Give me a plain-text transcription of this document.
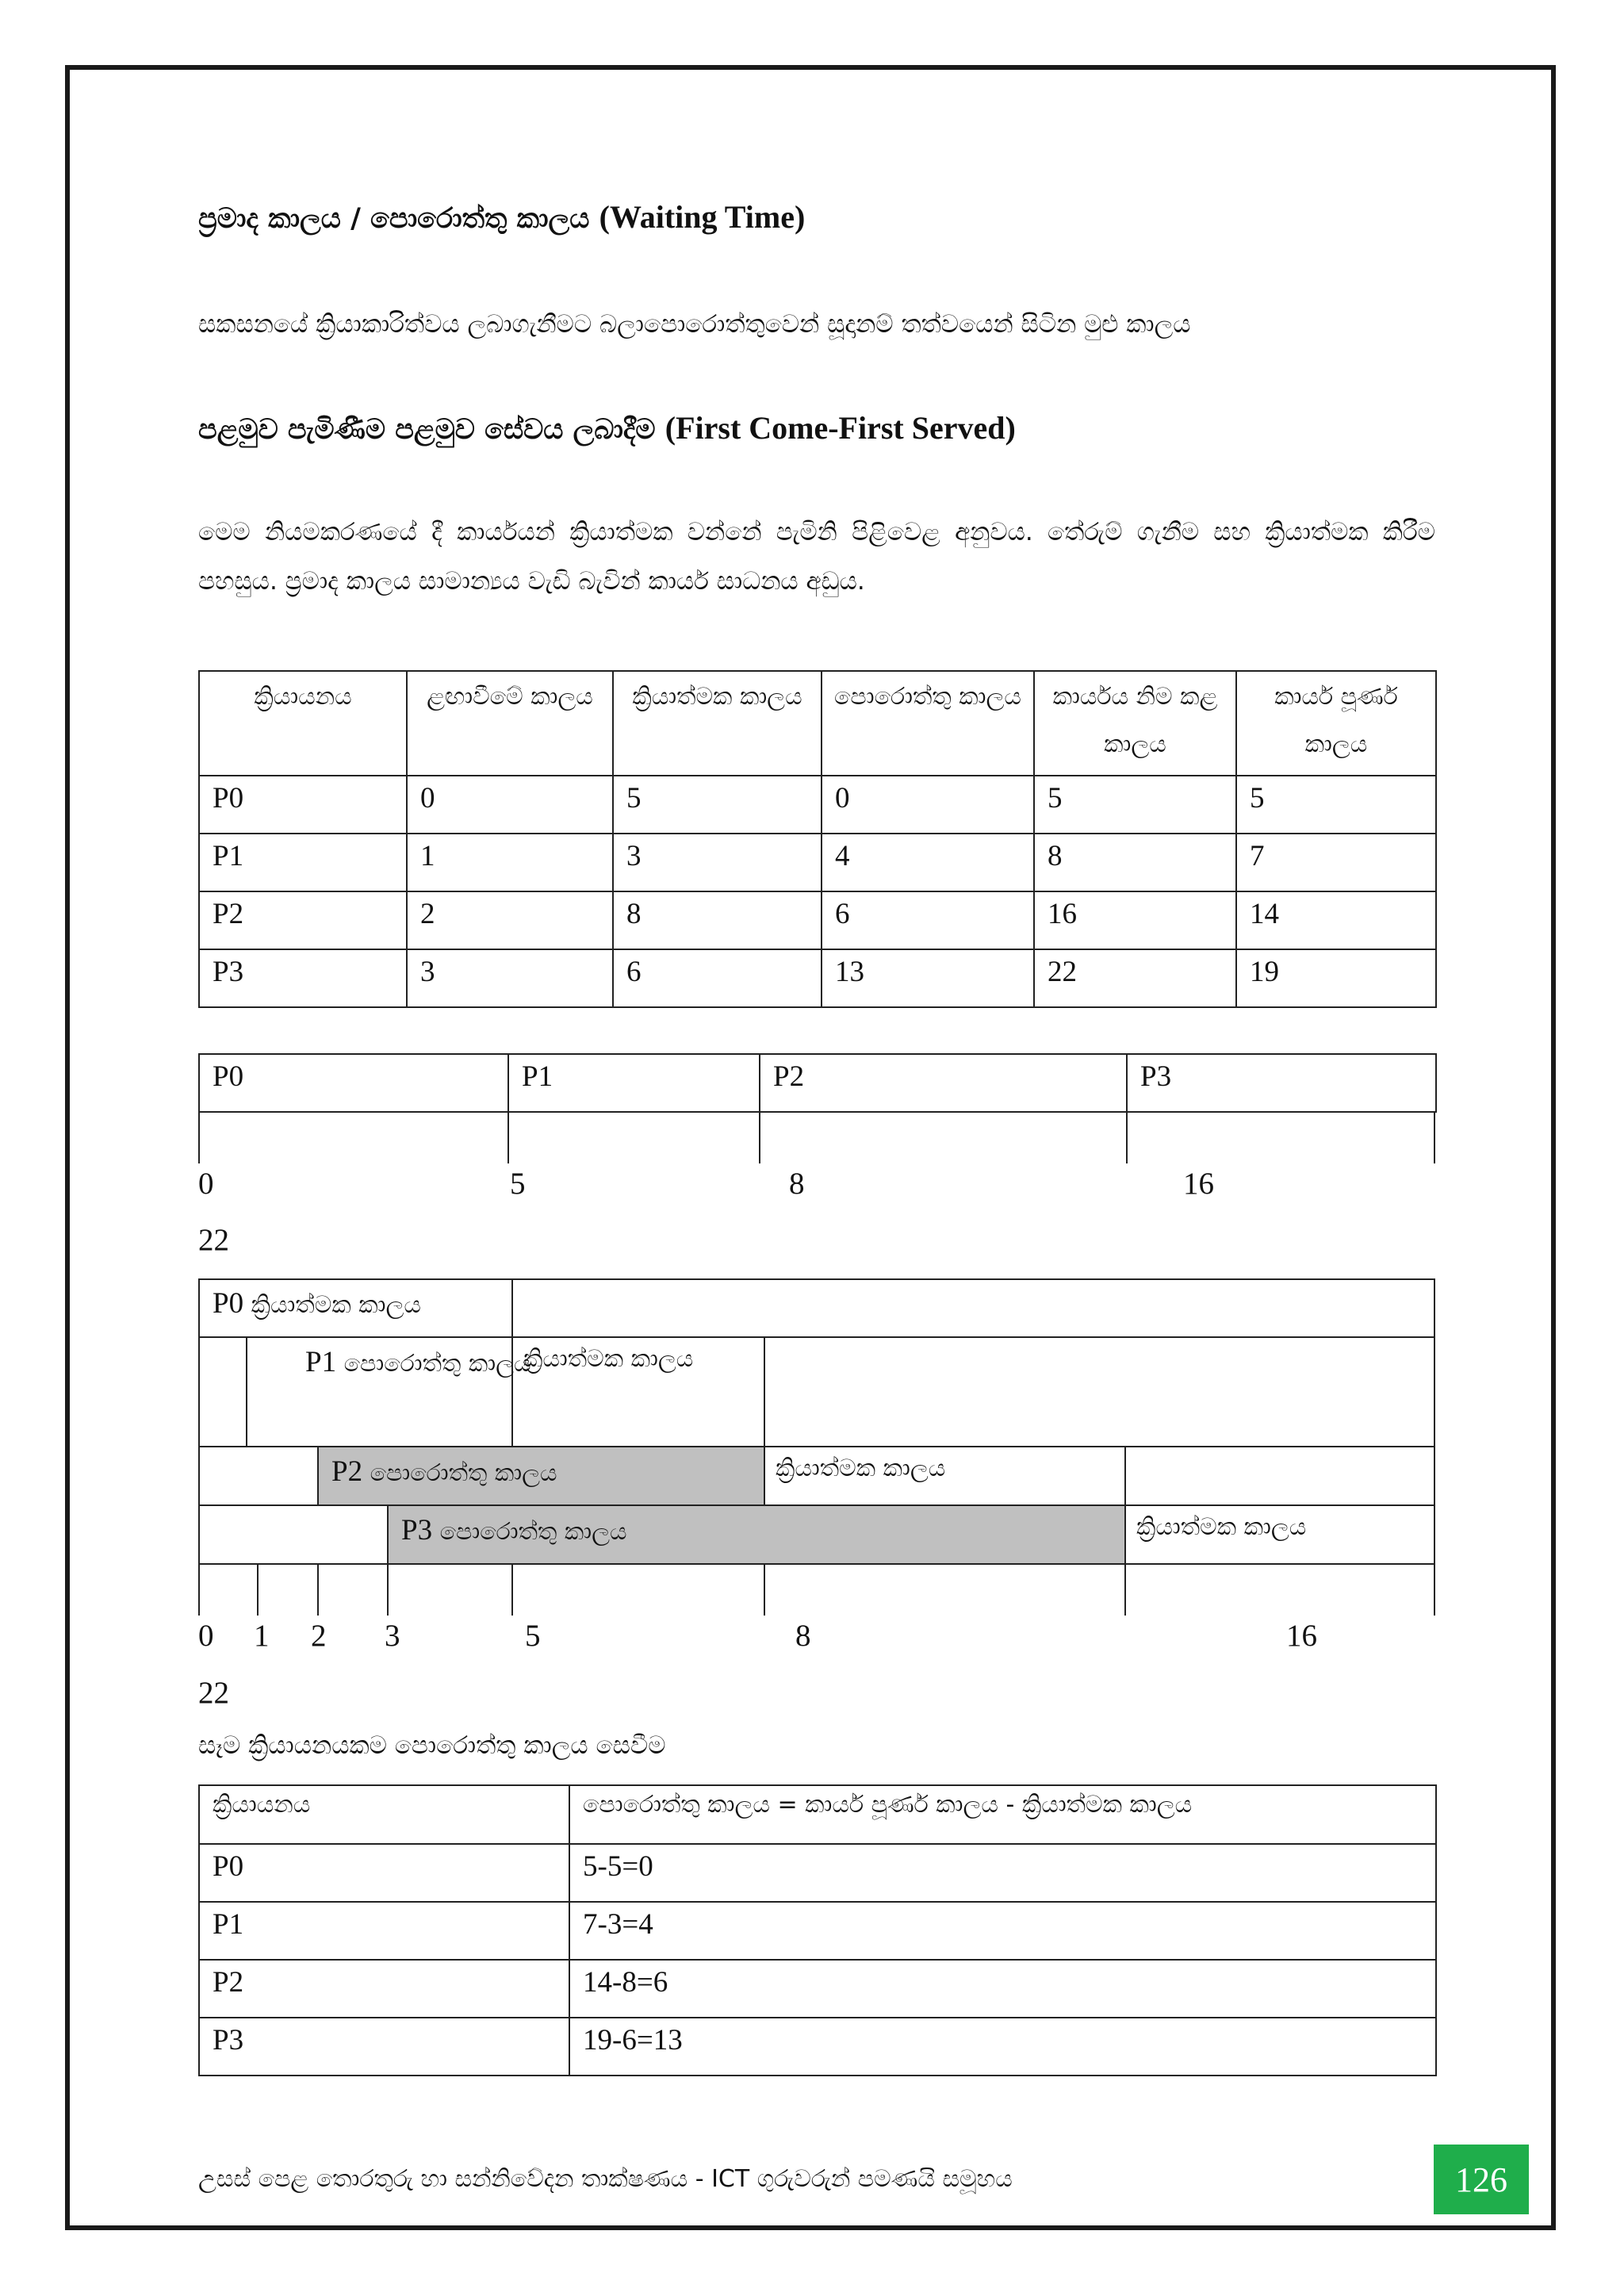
ප්‍රමාද කාලය / පොරොත්තු කාලය (Waiting Time)
සකසනයේ ක්‍රියාකාරිත්වය ලබාගැනීමට බලාපොරොත්තුවෙන් සූදානම් තත්වයෙන් සිටින මුළු කාලය
පළමුව පැමිණීම පළමුව සේවය ලබාදීම (First Come-First Served)
මෙම නියමකරණයේ දී කාර්යයන් ක්‍රියාත්මක වන්නේ පැමිනි පිළිවෙළ අනුවය. තේරුම් ගැනීම සහ ක්‍රියාත්මක කිරීම පහසුය. ප්‍රමාද කාලය සාමාන්‍යය වැඩි බැවින් කාර්ය සාධනය අඩුය.
ක්‍රියායනය	ළඟාවීමේ කාලය	ක්‍රියාත්මක කාලය	පොරොත්තු කාලය	කාර්යය නිම කළ කාලය	කාර්ය පූර්ණ කාලය
P0	0	5	0	5	5
P1	1	3	4	8	7
P2	2	8	6	16	14
P3	3	6	13	22	19
P0	P1	P2	P3
0	5	8	16
22
P0 ක්‍රියාත්මක කාලය
P1 පොරොත්තු කාලය
ක්‍රියාත්මක කාලය
P2 පොරොත්තු කාලය	ක්‍රියාත්මක කාලය
P3 පොරොත්තු කාලය	ක්‍රියාත්මක කාලය
0 1 2 3	5	8	16
22
සෑම ක්‍රියායනයකම පොරොත්තු කාලය සෙවීම
ක්‍රියායනය	පොරොත්තු කාලය = කාර්ය පූර්ණ කාලය - ක්‍රියාත්මක කාලය
P0	5-5=0
P1	7-3=4
P2	14-8=6
P3	19-6=13
උසස් පෙළ තොරතුරු හා සන්නිවේදන තාක්ෂණය - ICT ගුරුවරුන් පමණයි සමූහය	126
